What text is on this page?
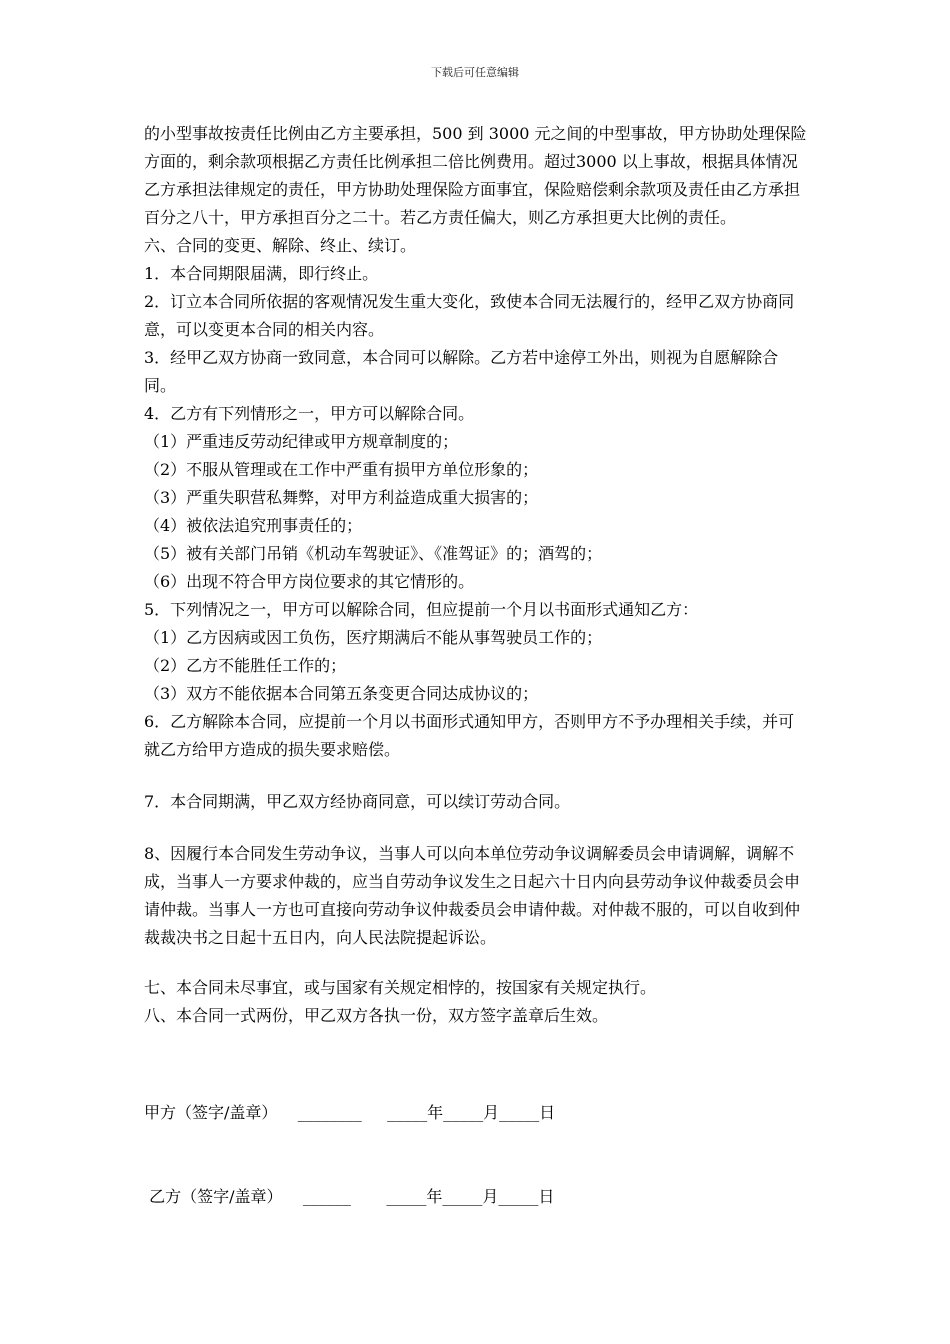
下载后可任意编辑

的小型事故按责任比例由乙方主要承担，500 到 3000 元之间的中型事故，甲方协助处理保险方面的，剩余款项根据乙方责任比例承担二倍比例费用。超过3000 以上事故，根据具体情况乙方承担法律规定的责任，甲方协助处理保险方面事宜，保险赔偿剩余款项及责任由乙方承担百分之八十，甲方承担百分之二十。若乙方责任偏大，则乙方承担更大比例的责任。

六、合同的变更、解除、终止、续订。

1．本合同期限届满，即行终止。

2．订立本合同所依据的客观情况发生重大变化，致使本合同无法履行的，经甲乙双方协商同意，可以变更本合同的相关内容。

3．经甲乙双方协商一致同意，本合同可以解除。乙方若中途停工外出，则视为自愿解除合同。

4．乙方有下列情形之一，甲方可以解除合同。

（1）严重违反劳动纪律或甲方规章制度的；

（2）不服从管理或在工作中严重有损甲方单位形象的；

（3）严重失职营私舞弊，对甲方利益造成重大损害的；

（4）被依法追究刑事责任的；

（5）被有关部门吊销《机动车驾驶证》、《准驾证》的；酒驾的；

（6）出现不符合甲方岗位要求的其它情形的。

5．下列情况之一，甲方可以解除合同，但应提前一个月以书面形式通知乙方：

（1）乙方因病或因工负伤，医疗期满后不能从事驾驶员工作的；

（2）乙方不能胜任工作的；

（3）双方不能依据本合同第五条变更合同达成协议的；

6．乙方解除本合同，应提前一个月以书面形式通知甲方，否则甲方不予办理相关手续，并可就乙方给甲方造成的损失要求赔偿。

7．本合同期满，甲乙双方经协商同意，可以续订劳动合同。

8、因履行本合同发生劳动争议，当事人可以向本单位劳动争议调解委员会申请调解，调解不成，当事人一方要求仲裁的，应当自劳动争议发生之日起六十日内向县劳动争议仲裁委员会申请仲裁。当事人一方也可直接向劳动争议仲裁委员会申请仲裁。对仲裁不服的，可以自收到仲裁裁决书之日起十五日内，向人民法院提起诉讼。

七、本合同未尽事宜，或与国家有关规定相悖的，按国家有关规定执行。

八、本合同一式两份，甲乙双方各执一份，双方签字盖章后生效。

甲方（签字/盖章）    ________     _____年_____月_____日
乙方（签字/盖章）    ______       _____年_____月_____日
